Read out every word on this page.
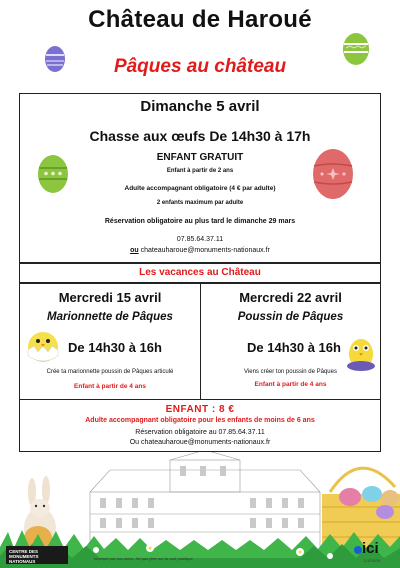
Château de Haroué
Pâques au château
Dimanche 5 avril
Chasse aux œufs De 14h30 à 17h
ENFANT GRATUIT
Enfant à partir de 2 ans
Adulte accompagnant obligatoire (4 € par adulte)
2 enfants maximum par adulte
Réservation obligatoire au plus tard le dimanche 29 mars
07.85.64.37.11
ou chateauharoue@monuments-nationaux.fr
Les vacances au Château
Mercredi 15 avril
Marionnette de Pâques
De 14h30 à 16h
Crée ta marionnette poussin de Pâques articulé
Enfant à partir de 4 ans
Mercredi 22 avril
Poussin de Pâques
De 14h30 à 16h
Viens créer ton poussin de Pâques
Enfant à partir de 4 ans
ENFANT : 8 €
Adulte accompagnant obligatoire pour les enfants de moins de 6 ans
Réservation obligatoire au 07.85.64.37.11
Ou chateauharoue@monuments-nationaux.fr
CENTRE DES MONUMENTS NATIONAUX
Imprimé par nos soins. Ne pas jeter sur la voie publique
ici
Lorraine
